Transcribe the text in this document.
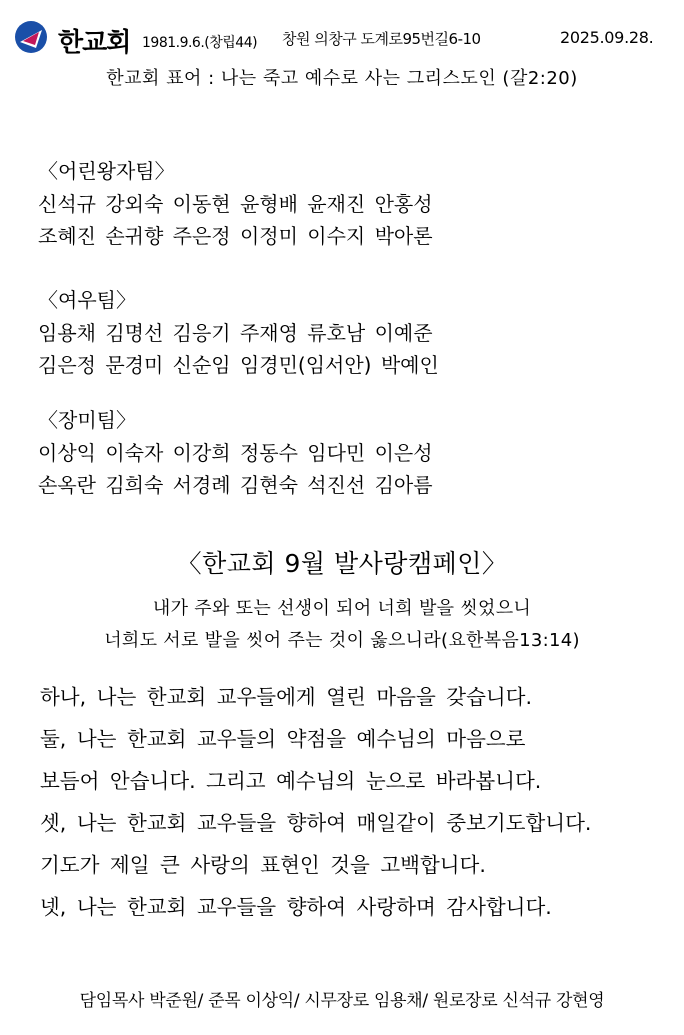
한교회 1981.9.6.(창립44) 창원 의창구 도계로95번길6-10	2025.09.28.
한교회 표어 : 나는 죽고 예수로 사는 그리스도인 (갈2:20)
〈어린왕자팀〉
신석규 강외숙 이동현 윤형배 윤재진 안홍성
조혜진 손귀향 주은정 이정미 이수지 박아론
〈여우팀〉
임용채 김명선 김응기 주재영 류호남 이예준
김은정 문경미 신순임 임경민(임서안) 박예인
〈장미팀〉
이상익 이숙자 이강희 정동수 임다민 이은성
손옥란 김희숙 서경례 김현숙 석진선 김아름
〈한교회 9월 발사랑캠페인〉
내가 주와 또는 선생이 되어 너희 발을 씻었으니
너희도 서로 발을 씻어 주는 것이 옳으니라(요한복음13:14)
하나, 나는 한교회 교우들에게 열린 마음을 갖습니다.
둘, 나는 한교회 교우들의 약점을 예수님의 마음으로
보듬어 안습니다. 그리고 예수님의 눈으로 바라봅니다.
셋, 나는 한교회 교우들을 향하여 매일같이 중보기도합니다.
기도가 제일 큰 사랑의 표현인 것을 고백합니다.
넷, 나는 한교회 교우들을 향하여 사랑하며 감사합니다.
담임목사 박준원/ 준목 이상익/ 시무장로 임용채/ 원로장로 신석규 강현영
